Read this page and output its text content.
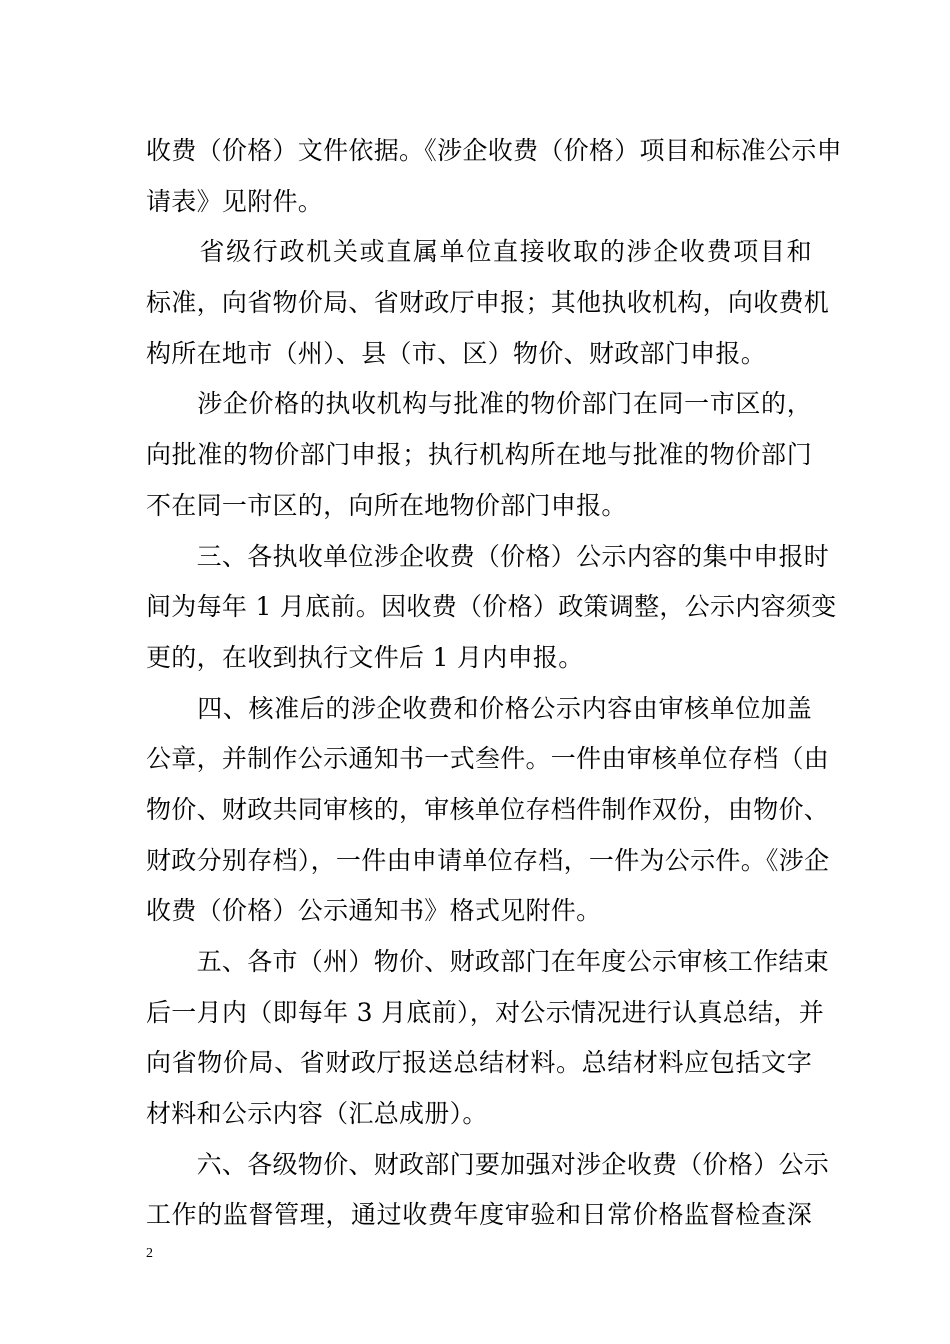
收费（价格）文件依据。《涉企收费（价格）项目和标准公示申
请表》见附件。
　　省级行政机关或直属单位直接收取的涉企收费项目和
标准，向省物价局、省财政厅申报；其他执收机构，向收费机
构所在地市（州）、县（市、区）物价、财政部门申报。
　　涉企价格的执收机构与批准的物价部门在同一市区的，
向批准的物价部门申报；执行机构所在地与批准的物价部门
不在同一市区的，向所在地物价部门申报。
　　三、各执收单位涉企收费（价格）公示内容的集中申报时
间为每年 1 月底前。因收费（价格）政策调整，公示内容须变
更的，在收到执行文件后 1 月内申报。
　　四、核准后的涉企收费和价格公示内容由审核单位加盖
公章，并制作公示通知书一式叁件。一件由审核单位存档（由
物价、财政共同审核的，审核单位存档件制作双份，由物价、
财政分别存档），一件由申请单位存档，一件为公示件。《涉企
收费（价格）公示通知书》格式见附件。
　　五、各市（州）物价、财政部门在年度公示审核工作结束
后一月内（即每年 3 月底前），对公示情况进行认真总结，并
向省物价局、省财政厅报送总结材料。总结材料应包括文字
材料和公示内容（汇总成册）。
　　六、各级物价、财政部门要加强对涉企收费（价格）公示
工作的监督管理，通过收费年度审验和日常价格监督检查深
2
